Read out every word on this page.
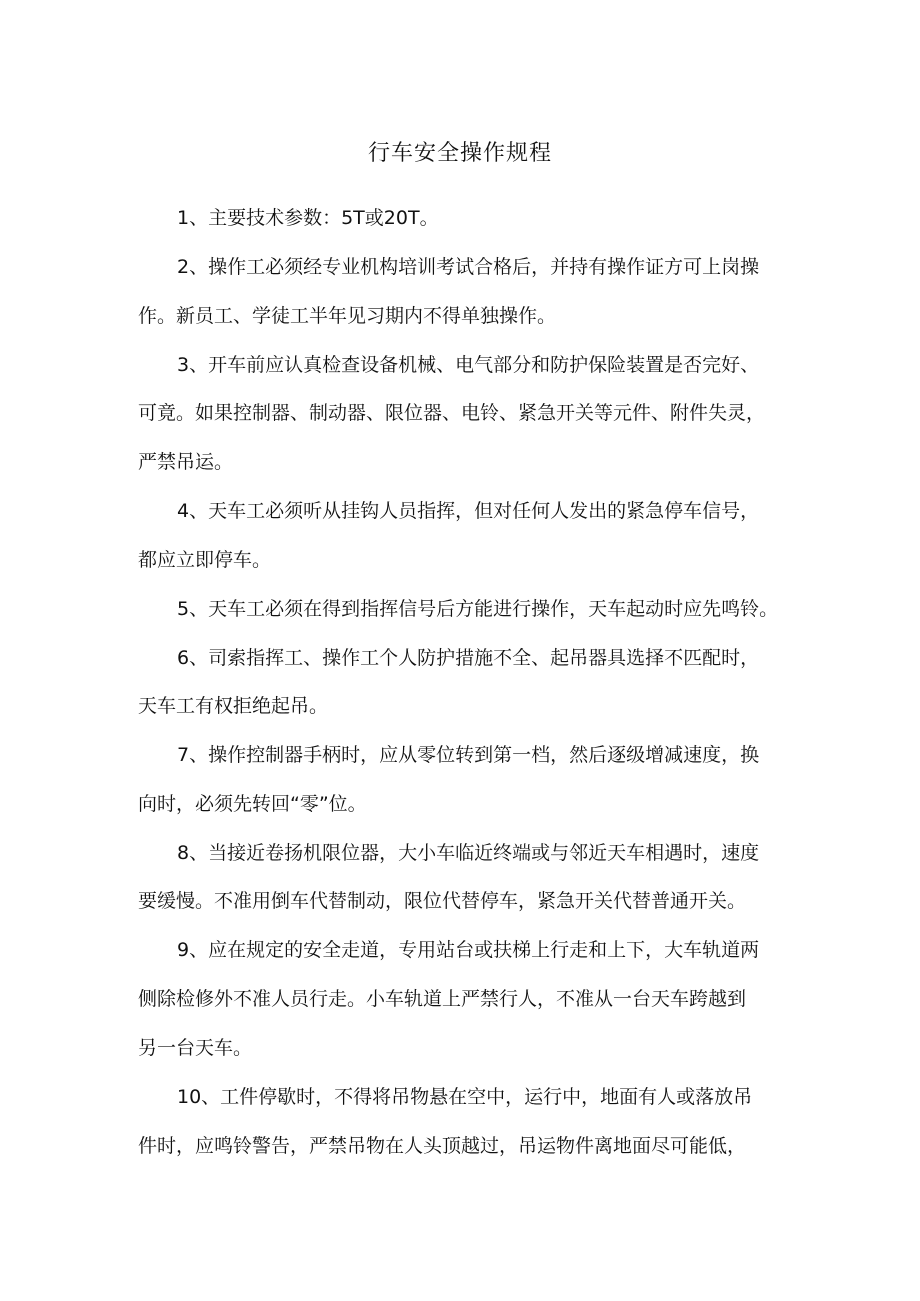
行车安全操作规程

1、主要技术参数：5T或20T。

2、操作工必须经专业机构培训考试合格后，并持有操作证方可上岗操

作。新员工、学徒工半年见习期内不得单独操作。

3、开车前应认真检查设备机械、电气部分和防护保险装置是否完好、

可竟。如果控制器、制动器、限位器、电铃、紧急开关等元件、附件失灵，

严禁吊运。

4、天车工必须听从挂钩人员指挥，但对任何人发出的紧急停车信号，

都应立即停车。

5、天车工必须在得到指挥信号后方能进行操作，天车起动时应先鸣铃。

6、司索指挥工、操作工个人防护措施不全、起吊器具选择不匹配时，

天车工有权拒绝起吊。

7、操作控制器手柄时，应从零位转到第一档，然后逐级增减速度，换

向时，必须先转回“零”位。

8、当接近卷扬机限位器，大小车临近终端或与邻近天车相遇时，速度

要缓慢。不准用倒车代替制动，限位代替停车，紧急开关代替普通开关。

9、应在规定的安全走道，专用站台或扶梯上行走和上下，大车轨道两

侧除检修外不准人员行走。小车轨道上严禁行人，不准从一台天车跨越到

另一台天车。

10、工件停歇时，不得将吊物悬在空中，运行中，地面有人或落放吊

件时，应鸣铃警告，严禁吊物在人头顶越过，吊运物件离地面尽可能低，
